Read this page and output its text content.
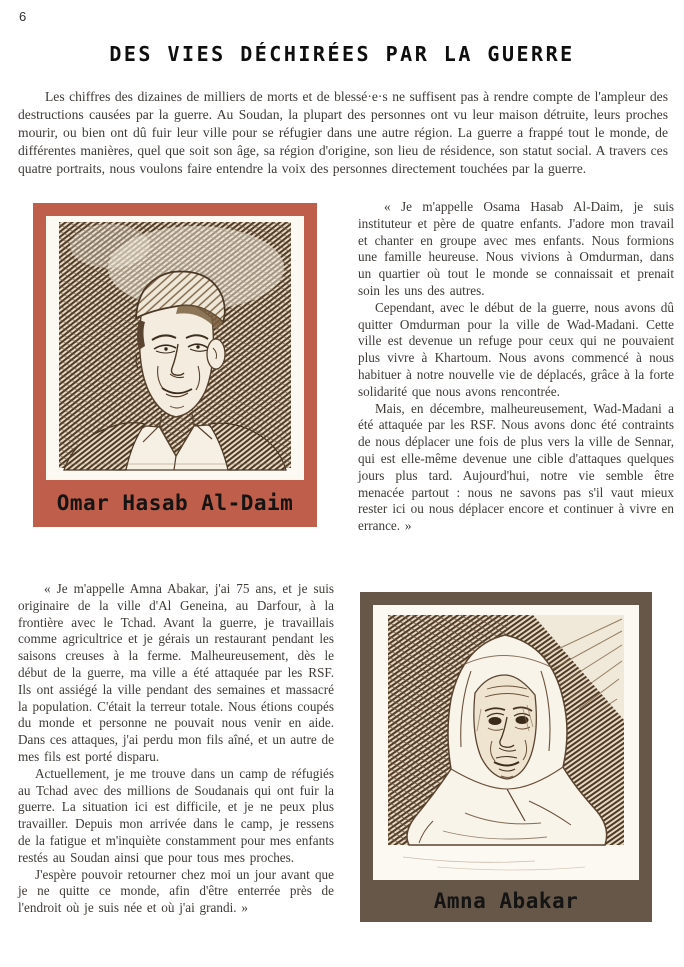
6
DES VIES DÉCHIRÉES PAR LA GUERRE

Les chiffres des dizaines de milliers de morts et de blessé·e·s ne suffisent pas à rendre compte de l'ampleur des destructions causées par la guerre. Au Soudan, la plupart des personnes ont vu leur maison détruite, leurs proches mourir, ou bien ont dû fuir leur ville pour se réfugier dans une autre région. La guerre a frappé tout le monde, de différentes manières, quel que soit son âge, sa région d'origine, son lieu de résidence, son statut social. A travers ces quatre portraits, nous voulons faire entendre la voix des personnes directement touchées par la guerre.

Omar Hasab Al-Daim

« Je m'appelle Osama Hasab Al-Daim, je suis instituteur et père de quatre enfants. J'adore mon travail et chanter en groupe avec mes enfants. Nous formions une famille heureuse. Nous vivions à Omdurman, dans un quartier où tout le monde se connaissait et prenait soin les uns des autres.

Cependant, avec le début de la guerre, nous avons dû quitter Omdurman pour la ville de Wad-Madani. Cette ville est devenue un refuge pour ceux qui ne pouvaient plus vivre à Khartoum. Nous avons commencé à nous habituer à notre nouvelle vie de déplacés, grâce à la forte solidarité que nous avons rencontrée.

Mais, en décembre, malheureusement, Wad-Madani a été attaquée par les RSF. Nous avons donc été contraints de nous déplacer une fois de plus vers la ville de Sennar, qui est elle-même devenue une cible d'attaques quelques jours plus tard. Aujourd'hui, notre vie semble être menacée partout : nous ne savons pas s'il vaut mieux rester ici ou nous déplacer encore et continuer à vivre en errance. »

« Je m'appelle Amna Abakar, j'ai 75 ans, et je suis originaire de la ville d'Al Geneina, au Darfour, à la frontière avec le Tchad. Avant la guerre, je travaillais comme agricultrice et je gérais un restaurant pendant les saisons creuses à la ferme. Malheureusement, dès le début de la guerre, ma ville a été attaquée par les RSF. Ils ont assiégé la ville pendant des semaines et massacré la population. C'était la terreur totale. Nous étions coupés du monde et personne ne pouvait nous venir en aide. Dans ces attaques, j'ai perdu mon fils aîné, et un autre de mes fils est porté disparu.

Actuellement, je me trouve dans un camp de réfugiés au Tchad avec des millions de Soudanais qui ont fuir la guerre. La situation ici est difficile, et je ne peux plus travailler. Depuis mon arrivée dans le camp, je ressens de la fatigue et m'inquiète constamment pour mes enfants restés au Soudan ainsi que pour tous mes proches.

J'espère pouvoir retourner chez moi un jour avant que je ne quitte ce monde, afin d'être enterrée près de l'endroit où je suis née et où j'ai grandi. »	Amna Abakar
